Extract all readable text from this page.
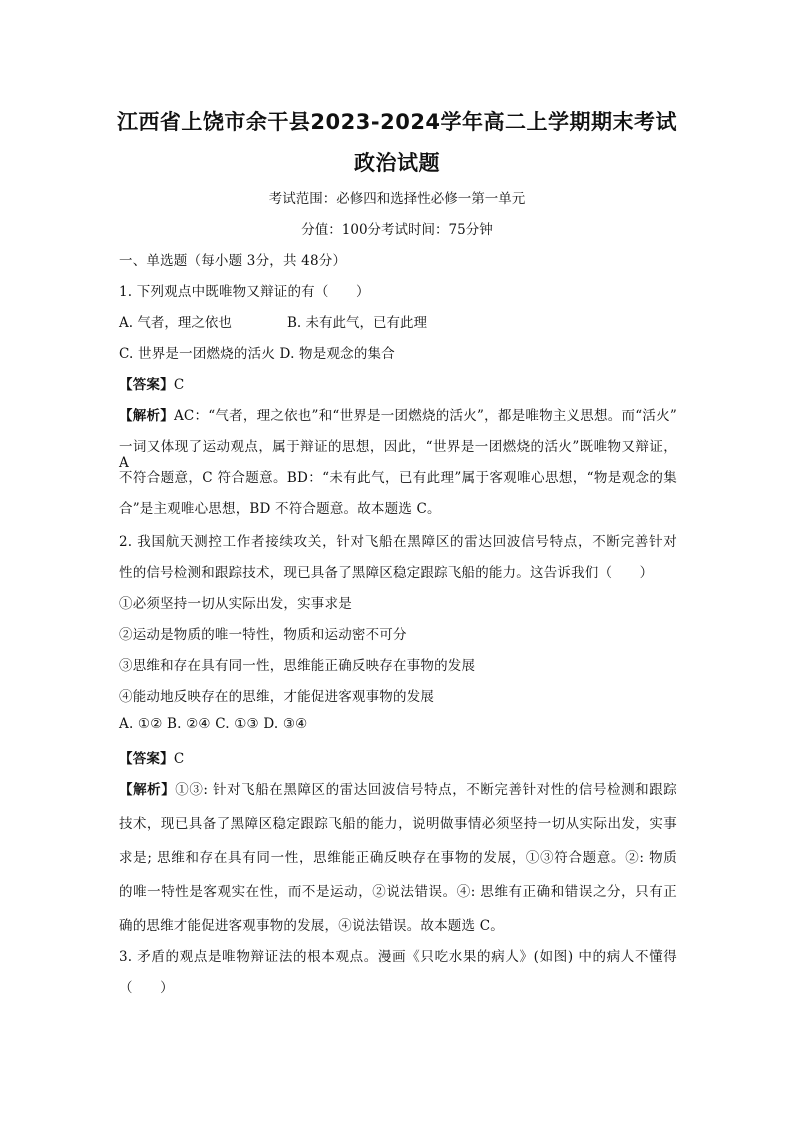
江西省上饶市余干县2023-2024学年高二上学期期末考试
政治试题
考试范围：必修四和选择性必修一第一单元
分值：100分考试时间：75分钟
一、单选题（每小题 3分，共 48分）
1. 下列观点中既唯物又辩证的有（　　）
A. 气者，理之依也	B. 未有此气，已有此理
C. 世界是一团燃烧的活火 D. 物是观念的集合
【答案】C
【解析】AC：“气者，理之依也”和“世界是一团燃烧的活火”，都是唯物主义思想。而“活火”
一词又体现了运动观点，属于辩证的思想，因此，“世界是一团燃烧的活火”既唯物又辩证，A
不符合题意，C 符合题意。BD：“未有此气，已有此理”属于客观唯心思想，“物是观念的集
合”是主观唯心思想，BD 不符合题意。故本题选 C。
2. 我国航天测控工作者接续攻关，针对飞船在黑障区的雷达回波信号特点，不断完善针对
性的信号检测和跟踪技术，现已具备了黑障区稳定跟踪飞船的能力。这告诉我们（　　）
①必须坚持一切从实际出发，实事求是
②运动是物质的唯一特性，物质和运动密不可分
③思维和存在具有同一性，思维能正确反映存在事物的发展
④能动地反映存在的思维，才能促进客观事物的发展
A. ①② B. ②④ C. ①③ D. ③④
【答案】C
【解析】①③: 针对飞船在黑障区的雷达回波信号特点，不断完善针对性的信号检测和跟踪
技术，现已具备了黑障区稳定跟踪飞船的能力，说明做事情必须坚持一切从实际出发，实事
求是; 思维和存在具有同一性，思维能正确反映存在事物的发展，①③符合题意。②: 物质
的唯一特性是客观实在性，而不是运动，②说法错误。④: 思维有正确和错误之分，只有正
确的思维才能促进客观事物的发展，④说法错误。故本题选 C。
3. 矛盾的观点是唯物辩证法的根本观点。漫画《只吃水果的病人》(如图) 中的病人不懂得
（　　）
